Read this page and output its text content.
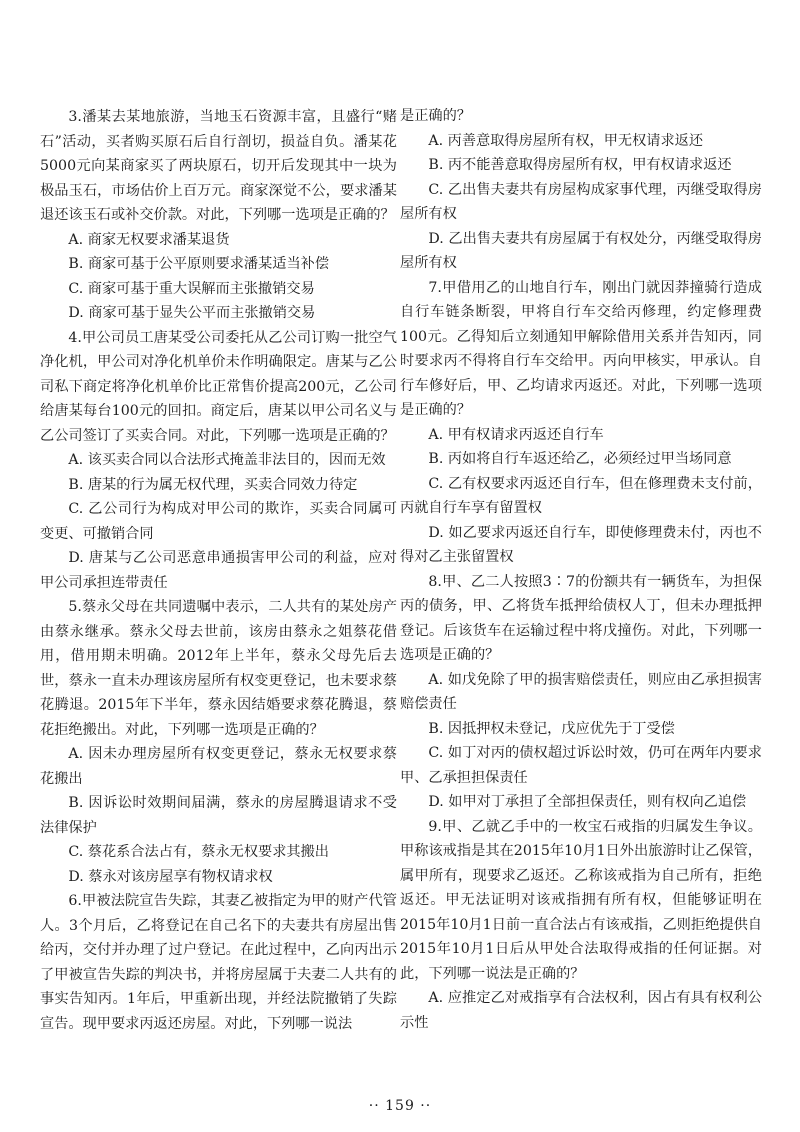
3.潘某去某地旅游，当地玉石资源丰富，且盛行“赌石”活动，买者购买原石后自行剖切，损益自负。潘某花5000元向某商家买了两块原石，切开后发现其中一块为极品玉石，市场估价上百万元。商家深觉不公，要求潘某退还该玉石或补交价款。对此，下列哪一选项是正确的？

A. 商家无权要求潘某退货

B. 商家可基于公平原则要求潘某适当补偿

C. 商家可基于重大误解而主张撤销交易

D. 商家可基于显失公平而主张撤销交易

4.甲公司员工唐某受公司委托从乙公司订购一批空气净化机，甲公司对净化机单价未作明确限定。唐某与乙公司私下商定将净化机单价比正常售价提高200元，乙公司给唐某每台100元的回扣。商定后，唐某以甲公司名义与乙公司签订了买卖合同。对此，下列哪一选项是正确的？

A. 该买卖合同以合法形式掩盖非法目的，因而无效

B. 唐某的行为属无权代理，买卖合同效力待定

C. 乙公司行为构成对甲公司的欺诈，买卖合同属可变更、可撤销合同

D. 唐某与乙公司恶意串通损害甲公司的利益，应对甲公司承担连带责任

5.蔡永父母在共同遗嘱中表示，二人共有的某处房产由蔡永继承。蔡永父母去世前，该房由蔡永之姐蔡花借用，借用期未明确。2012年上半年，蔡永父母先后去世，蔡永一直未办理该房屋所有权变更登记，也未要求蔡花腾退。2015年下半年，蔡永因结婚要求蔡花腾退，蔡花拒绝搬出。对此，下列哪一选项是正确的？

A. 因未办理房屋所有权变更登记，蔡永无权要求蔡花搬出

B. 因诉讼时效期间届满，蔡永的房屋腾退请求不受法律保护

C. 蔡花系合法占有，蔡永无权要求其搬出

D. 蔡永对该房屋享有物权请求权

6.甲被法院宣告失踪，其妻乙被指定为甲的财产代管人。3个月后，乙将登记在自己名下的夫妻共有房屋出售给丙，交付并办理了过户登记。在此过程中，乙向丙出示了甲被宣告失踪的判决书，并将房屋属于夫妻二人共有的事实告知丙。1年后，甲重新出现，并经法院撤销了失踪宣告。现甲要求丙返还房屋。对此，下列哪一说法

是正确的？

A. 丙善意取得房屋所有权，甲无权请求返还

B. 丙不能善意取得房屋所有权，甲有权请求返还

C. 乙出售夫妻共有房屋构成家事代理，丙继受取得房屋所有权

D. 乙出售夫妻共有房屋属于有权处分，丙继受取得房屋所有权

7.甲借用乙的山地自行车，刚出门就因莽撞骑行造成自行车链条断裂，甲将自行车交给丙修理，约定修理费100元。乙得知后立刻通知甲解除借用关系并告知丙，同时要求丙不得将自行车交给甲。丙向甲核实，甲承认。自行车修好后，甲、乙均请求丙返还。对此，下列哪一选项是正确的？

A. 甲有权请求丙返还自行车

B. 丙如将自行车返还给乙，必须经过甲当场同意

C. 乙有权要求丙返还自行车，但在修理费未支付前，丙就自行车享有留置权

D. 如乙要求丙返还自行车，即使修理费未付，丙也不得对乙主张留置权

8.甲、乙二人按照3∶7的份额共有一辆货车，为担保丙的债务，甲、乙将货车抵押给债权人丁，但未办理抵押登记。后该货车在运输过程中将戊撞伤。对此，下列哪一选项是正确的？

A. 如戊免除了甲的损害赔偿责任，则应由乙承担损害赔偿责任

B. 因抵押权未登记，戊应优先于丁受偿

C. 如丁对丙的债权超过诉讼时效，仍可在两年内要求甲、乙承担担保责任

D. 如甲对丁承担了全部担保责任，则有权向乙追偿

9.甲、乙就乙手中的一枚宝石戒指的归属发生争议。甲称该戒指是其在2015年10月1日外出旅游时让乙保管，属甲所有，现要求乙返还。乙称该戒指为自己所有，拒绝返还。甲无法证明对该戒指拥有所有权，但能够证明在2015年10月1日前一直合法占有该戒指，乙则拒绝提供自2015年10月1日后从甲处合法取得戒指的任何证据。对此，下列哪一说法是正确的？

A. 应推定乙对戒指享有合法权利，因占有具有权利公示性

·· 159 ··
